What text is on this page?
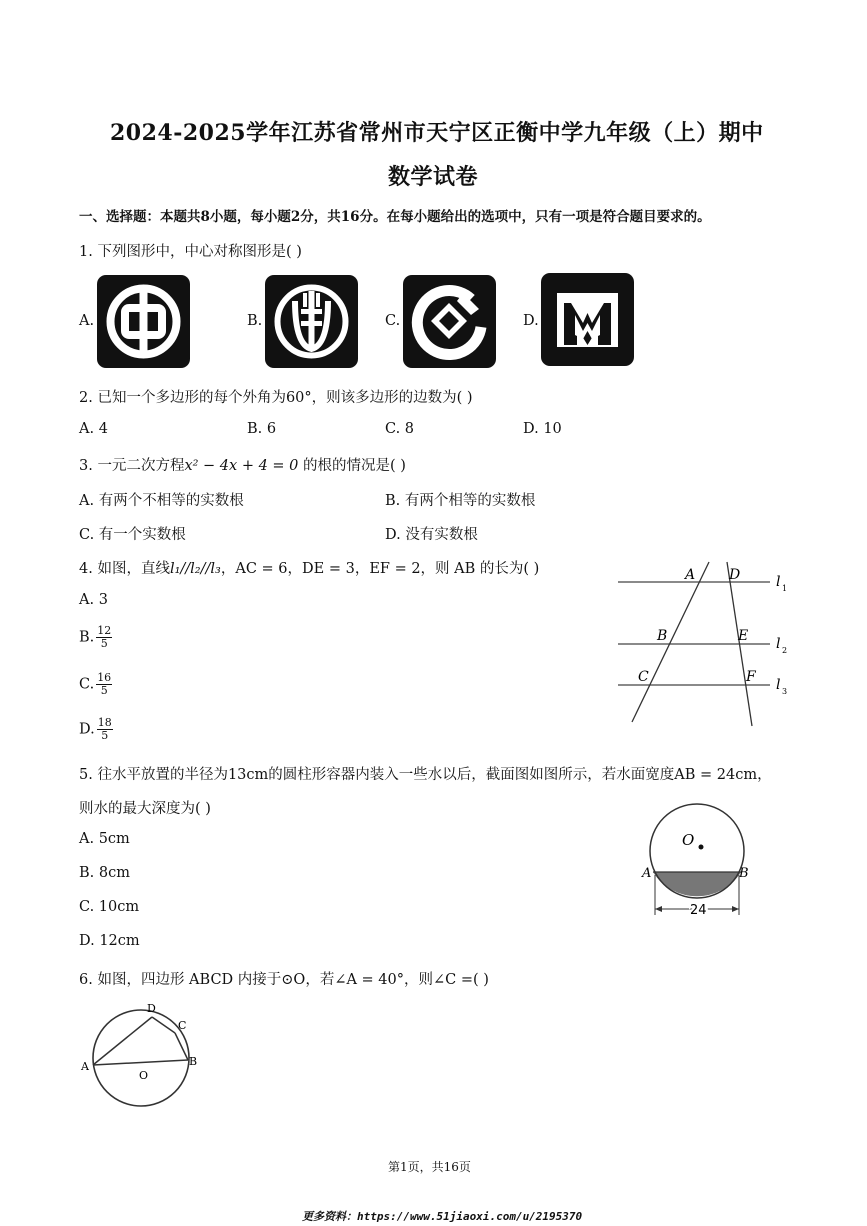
2024-2025学年江苏省常州市天宁区正衡中学九年级（上）期中
数学试卷
一、选择题：本题共8小题，每小题2分，共16分。在每小题给出的选项中，只有一项是符合题目要求的。
1. 下列图形中，中心对称图形是( )
A.	B.	C.	D.
2. 已知一个多边形的每个外角为60°，则该多边形的边数为( )
A. 4	B. 6	C. 8	D. 10
3. 一元二次方程x² − 4x + 4 = 0 的根的情况是( )
A. 有两个不相等的实数根	B. 有两个相等的实数根
C. 有一个实数根	D. 没有实数根
4. 如图，直线l₁//l₂//l₃，AC = 6，DE = 3，EF = 2，则 AB 的长为( )
A. 3
B. $\frac{12}{5}$
C. $\frac{16}{5}$
D. $\frac{18}{5}$
A D	l 1
B	E l 2
C	F l 3
5. 往水平放置的半径为13cm的圆柱形容器内装入一些水以后，截面图如图所示，若水面宽度AB = 24cm，
则水的最大深度为( )
A. 5cm
B. 8cm
C. 10cm
D. 12cm
O
A	B
24
6. 如图，四边形 ABCD 内接于⊙O，若∠A = 40°，则∠C =( )
A	B
C
D
O
第1页，共16页
更多资料：https://www.51jiaoxi.com/u/2195370
